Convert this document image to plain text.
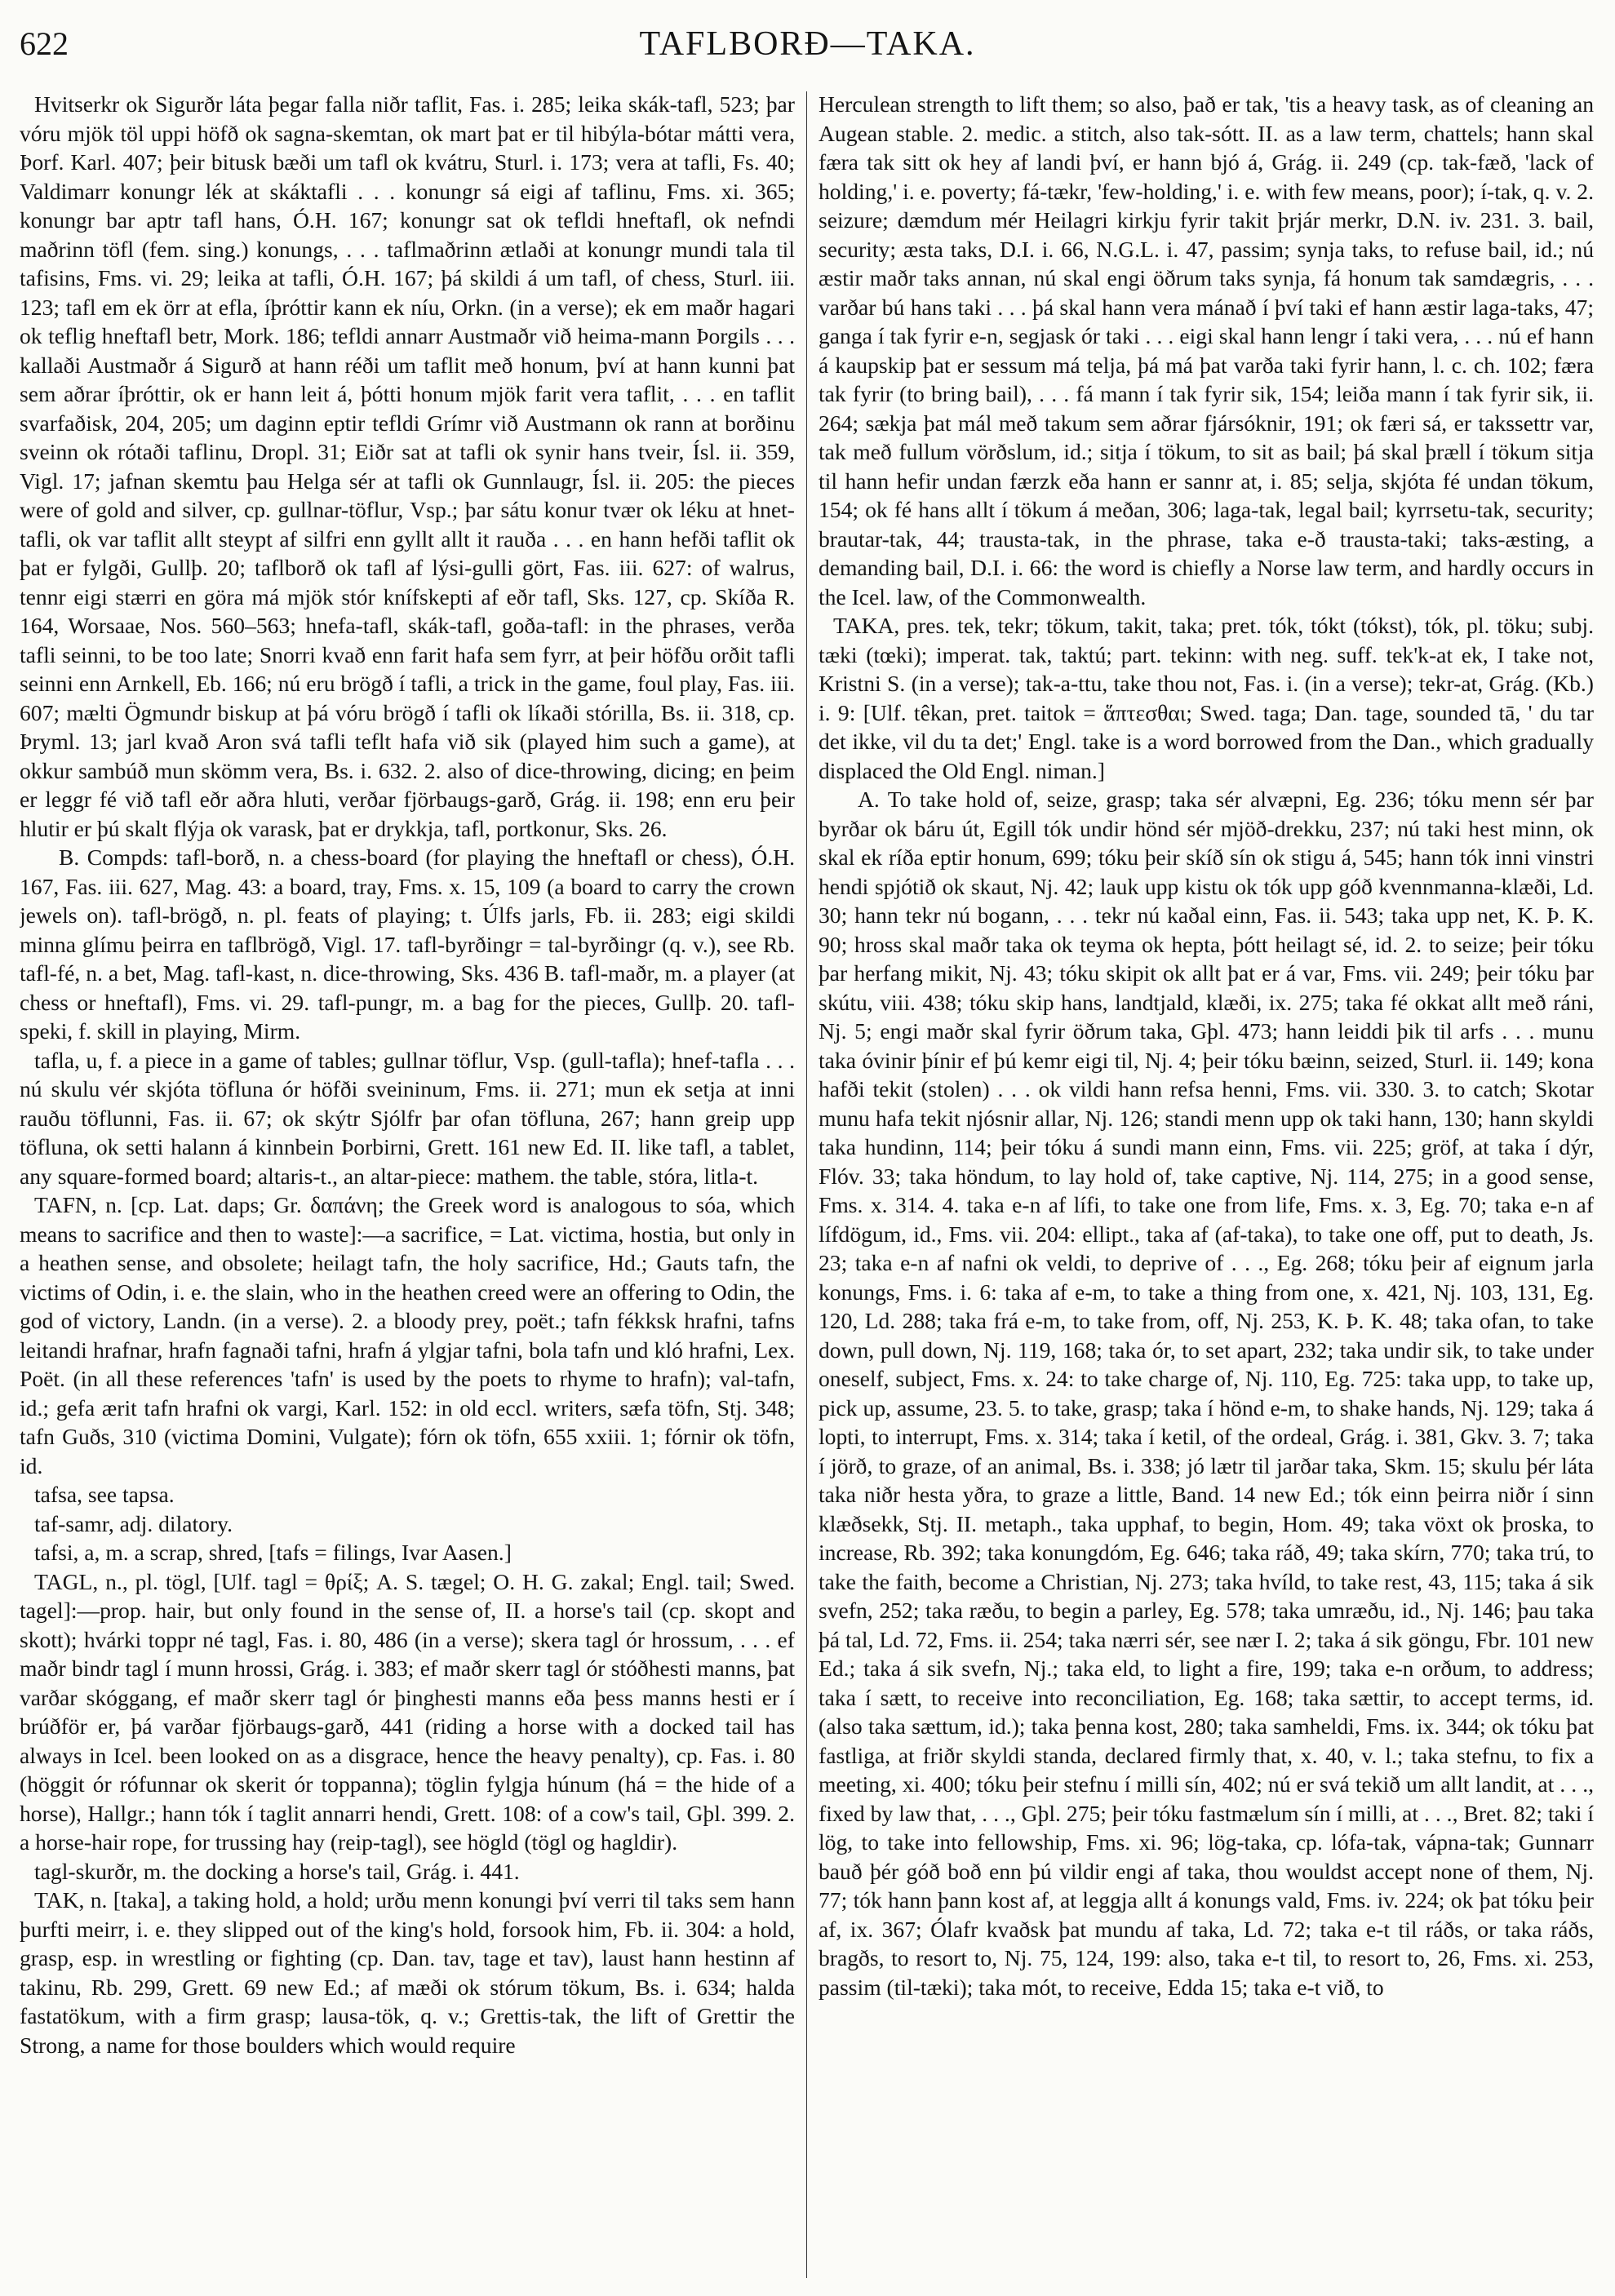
622	TAFLBORÐ—TAKA.

Hvitserkr ok Sigurðr láta þegar falla niðr taflit, Fas. i. 285; leika skák-tafl, 523; þar vóru mjök töl uppi höfð ok sagna-skemtan, ok mart þat er til hibýla-bótar mátti vera, Þorf. Karl. 407; þeir bitusk bæði um tafl ok kvátru, Sturl. i. 173; vera at tafli, Fs. 40; Valdimarr konungr lék at skáktafli . . . konungr sá eigi af taflinu, Fms. xi. 365; konungr bar aptr tafl hans, Ó.H. 167; konungr sat ok tefldi hneftafl, ok nefndi maðrinn töfl (fem. sing.) konungs, . . . taflmaðrinn ætlaði at konungr mundi tala til tafisins, Fms. vi. 29; leika at tafli, Ó.H. 167; þá skildi á um tafl, of chess, Sturl. iii. 123; tafl em ek örr at efla, íþróttir kann ek níu, Orkn. (in a verse); ek em maðr hagari ok teflig hneftafl betr, Mork. 186; tefldi annarr Austmaðr við heima-mann Þorgils . . . kallaði Austmaðr á Sigurð at hann réði um taflit með honum, því at hann kunni þat sem aðrar íþróttir, ok er hann leit á, þótti honum mjök farit vera taflit, . . . en taflit svarfaðisk, 204, 205; um daginn eptir tefldi Grímr við Austmann ok rann at borðinu sveinn ok rótaði taflinu, Dropl. 31; Eiðr sat at tafli ok synir hans tveir, Ísl. ii. 359, Vigl. 17; jafnan skemtu þau Helga sér at tafli ok Gunnlaugr, Ísl. ii. 205: the pieces were of gold and silver, cp. gullnar-töflur, Vsp.; þar sátu konur tvær ok léku at hnet-tafli, ok var taflit allt steypt af silfri enn gyllt allt it rauða . . . en hann hefði taflit ok þat er fylgði, Gullþ. 20; taflborð ok tafl af lýsi-gulli gört, Fas. iii. 627: of walrus, tennr eigi stærri en göra má mjök stór knífskepti af eðr tafl, Sks. 127, cp. Skíða R. 164, Worsaae, Nos. 560–563; hnefa-tafl, skák-tafl, goða-tafl: in the phrases, verða tafli seinni, to be too late; Snorri kvað enn farit hafa sem fyrr, at þeir höfðu orðit tafli seinni enn Arnkell, Eb. 166; nú eru brögð í tafli, a trick in the game, foul play, Fas. iii. 607; mælti Ögmundr biskup at þá vóru brögð í tafli ok líkaði stórilla, Bs. ii. 318, cp. Þryml. 13; jarl kvað Aron svá tafli teflt hafa við sik (played him such a game), at okkur sambúð mun skömm vera, Bs. i. 632. 2. also of dice-throwing, dicing; en þeim er leggr fé við tafl eðr aðra hluti, verðar fjörbaugs-garð, Grág. ii. 198; enn eru þeir hlutir er þú skalt flýja ok varask, þat er drykkja, tafl, portkonur, Sks. 26.

B. Compds: tafl-borð, n. a chess-board (for playing the hneftafl or chess), Ó.H. 167, Fas. iii. 627, Mag. 43: a board, tray, Fms. x. 15, 109 (a board to carry the crown jewels on). tafl-brögð, n. pl. feats of playing; t. Úlfs jarls, Fb. ii. 283; eigi skildi minna glímu þeirra en taflbrögð, Vigl. 17. tafl-byrðingr = tal-byrðingr (q. v.), see Rb. tafl-fé, n. a bet, Mag. tafl-kast, n. dice-throwing, Sks. 436 B. tafl-maðr, m. a player (at chess or hneftafl), Fms. vi. 29. tafl-pungr, m. a bag for the pieces, Gullþ. 20. tafl-speki, f. skill in playing, Mirm.

tafla, u, f. a piece in a game of tables; gullnar töflur, Vsp. (gull-tafla); hnef-tafla . . . nú skulu vér skjóta töfluna ór höfði sveininum, Fms. ii. 271; mun ek setja at inni rauðu töflunni, Fas. ii. 67; ok skýtr Sjólfr þar ofan töfluna, 267; hann greip upp töfluna, ok setti halann á kinnbein Þorbirni, Grett. 161 new Ed. II. like tafl, a tablet, any square-formed board; altaris-t., an altar-piece: mathem. the table, stóra, litla-t.

TAFN, n. [cp. Lat. daps; Gr. δαπάνη; the Greek word is analogous to sóa, which means to sacrifice and then to waste]:—a sacrifice, = Lat. victima, hostia, but only in a heathen sense, and obsolete; heilagt tafn, the holy sacrifice, Hd.; Gauts tafn, the victims of Odin, i. e. the slain, who in the heathen creed were an offering to Odin, the god of victory, Landn. (in a verse). 2. a bloody prey, poët.; tafn fékksk hrafni, tafns leitandi hrafnar, hrafn fagnaði tafni, hrafn á ylgjar tafni, bola tafn und kló hrafni, Lex. Poët. (in all these references 'tafn' is used by the poets to rhyme to hrafn); val-tafn, id.; gefa ærit tafn hrafni ok vargi, Karl. 152: in old eccl. writers, sæfa töfn, Stj. 348; tafn Guðs, 310 (victima Domini, Vulgate); fórn ok töfn, 655 xxiii. 1; fórnir ok töfn, id.

tafsa, see tapsa.

taf-samr, adj. dilatory.

tafsi, a, m. a scrap, shred, [tafs = filings, Ivar Aasen.]

TAGL, n., pl. tögl, [Ulf. tagl = θρίξ; A. S. tægel; O. H. G. zakal; Engl. tail; Swed. tagel]:—prop. hair, but only found in the sense of, II. a horse's tail (cp. skopt and skott); hvárki toppr né tagl, Fas. i. 80, 486 (in a verse); skera tagl ór hrossum, . . . ef maðr bindr tagl í munn hrossi, Grág. i. 383; ef maðr skerr tagl ór stóðhesti manns, þat varðar skóggang, ef maðr skerr tagl ór þinghesti manns eða þess manns hesti er í brúðför er, þá varðar fjörbaugs-garð, 441 (riding a horse with a docked tail has always in Icel. been looked on as a disgrace, hence the heavy penalty), cp. Fas. i. 80 (höggit ór rófunnar ok skerit ór toppanna); töglin fylgja húnum (há = the hide of a horse), Hallgr.; hann tók í taglit annarri hendi, Grett. 108: of a cow's tail, Gþl. 399. 2. a horse-hair rope, for trussing hay (reip-tagl), see högld (tögl og hagldir).

tagl-skurðr, m. the docking a horse's tail, Grág. i. 441.

TAK, n. [taka], a taking hold, a hold; urðu menn konungi því verri til taks sem hann þurfti meirr, i. e. they slipped out of the king's hold, forsook him, Fb. ii. 304: a hold, grasp, esp. in wrestling or fighting (cp. Dan. tav, tage et tav), laust hann hestinn af takinu, Rb. 299, Grett. 69 new Ed.; af mæði ok stórum tökum, Bs. i. 634; halda fastatökum, with a firm grasp; lausa-tök, q. v.; Grettis-tak, the lift of Grettir the Strong, a name for those boulders which would require

Herculean strength to lift them; so also, það er tak, 'tis a heavy task, as of cleaning an Augean stable. 2. medic. a stitch, also tak-sótt. II. as a law term, chattels; hann skal færa tak sitt ok hey af landi því, er hann bjó á, Grág. ii. 249 (cp. tak-fæð, 'lack of holding,' i. e. poverty; fá-tækr, 'few-holding,' i. e. with few means, poor); í-tak, q. v. 2. seizure; dæmdum mér Heilagri kirkju fyrir takit þrjár merkr, D.N. iv. 231. 3. bail, security; æsta taks, D.I. i. 66, N.G.L. i. 47, passim; synja taks, to refuse bail, id.; nú æstir maðr taks annan, nú skal engi öðrum taks synja, fá honum tak samdægris, . . . varðar bú hans taki . . . þá skal hann vera mánað í því taki ef hann æstir laga-taks, 47; ganga í tak fyrir e-n, segjask ór taki . . . eigi skal hann lengr í taki vera, . . . nú ef hann á kaupskip þat er sessum má telja, þá má þat varða taki fyrir hann, l. c. ch. 102; færa tak fyrir (to bring bail), . . . fá mann í tak fyrir sik, 154; leiða mann í tak fyrir sik, ii. 264; sækja þat mál með takum sem aðrar fjársóknir, 191; ok færi sá, er takssettr var, tak með fullum vörðslum, id.; sitja í tökum, to sit as bail; þá skal þræll í tökum sitja til hann hefir undan færzk eða hann er sannr at, i. 85; selja, skjóta fé undan tökum, 154; ok fé hans allt í tökum á meðan, 306; laga-tak, legal bail; kyrrsetu-tak, security; brautar-tak, 44; trausta-tak, in the phrase, taka e-ð trausta-taki; taks-æsting, a demanding bail, D.I. i. 66: the word is chiefly a Norse law term, and hardly occurs in the Icel. law, of the Commonwealth.

TAKA, pres. tek, tekr; tökum, takit, taka; pret. tók, tókt (tókst), tók, pl. töku; subj. tæki (tœki); imperat. tak, taktú; part. tekinn: with neg. suff. tek'k-at ek, I take not, Kristni S. (in a verse); tak-a-ttu, take thou not, Fas. i. (in a verse); tekr-at, Grág. (Kb.) i. 9: [Ulf. têkan, pret. taitok = ἅπτεσθαι; Swed. taga; Dan. tage, sounded tā, ' du tar det ikke, vil du ta det;' Engl. take is a word borrowed from the Dan., which gradually displaced the Old Engl. niman.]

A. To take hold of, seize, grasp; taka sér alvæpni, Eg. 236; tóku menn sér þar byrðar ok báru út, Egill tók undir hönd sér mjöð-drekku, 237; nú taki hest minn, ok skal ek ríða eptir honum, 699; tóku þeir skíð sín ok stigu á, 545; hann tók inni vinstri hendi spjótið ok skaut, Nj. 42; lauk upp kistu ok tók upp góð kvennmanna-klæði, Ld. 30; hann tekr nú bogann, . . . tekr nú kaðal einn, Fas. ii. 543; taka upp net, K. Þ. K. 90; hross skal maðr taka ok teyma ok hepta, þótt heilagt sé, id. 2. to seize; þeir tóku þar herfang mikit, Nj. 43; tóku skipit ok allt þat er á var, Fms. vii. 249; þeir tóku þar skútu, viii. 438; tóku skip hans, landtjald, klæði, ix. 275; taka fé okkat allt með ráni, Nj. 5; engi maðr skal fyrir öðrum taka, Gþl. 473; hann leiddi þik til arfs . . . munu taka óvinir þínir ef þú kemr eigi til, Nj. 4; þeir tóku bæinn, seized, Sturl. ii. 149; kona hafði tekit (stolen) . . . ok vildi hann refsa henni, Fms. vii. 330. 3. to catch; Skotar munu hafa tekit njósnir allar, Nj. 126; standi menn upp ok taki hann, 130; hann skyldi taka hundinn, 114; þeir tóku á sundi mann einn, Fms. vii. 225; gröf, at taka í dýr, Flóv. 33; taka höndum, to lay hold of, take captive, Nj. 114, 275; in a good sense, Fms. x. 314. 4. taka e-n af lífi, to take one from life, Fms. x. 3, Eg. 70; taka e-n af lífdögum, id., Fms. vii. 204: ellipt., taka af (af-taka), to take one off, put to death, Js. 23; taka e-n af nafni ok veldi, to deprive of . . ., Eg. 268; tóku þeir af eignum jarla konungs, Fms. i. 6: taka af e-m, to take a thing from one, x. 421, Nj. 103, 131, Eg. 120, Ld. 288; taka frá e-m, to take from, off, Nj. 253, K. Þ. K. 48; taka ofan, to take down, pull down, Nj. 119, 168; taka ór, to set apart, 232; taka undir sik, to take under oneself, subject, Fms. x. 24: to take charge of, Nj. 110, Eg. 725: taka upp, to take up, pick up, assume, 23. 5. to take, grasp; taka í hönd e-m, to shake hands, Nj. 129; taka á lopti, to interrupt, Fms. x. 314; taka í ketil, of the ordeal, Grág. i. 381, Gkv. 3. 7; taka í jörð, to graze, of an animal, Bs. i. 338; jó lætr til jarðar taka, Skm. 15; skulu þér láta taka niðr hesta yðra, to graze a little, Band. 14 new Ed.; tók einn þeirra niðr í sinn klæðsekk, Stj. II. metaph., taka upphaf, to begin, Hom. 49; taka vöxt ok þroska, to increase, Rb. 392; taka konungdóm, Eg. 646; taka ráð, 49; taka skírn, 770; taka trú, to take the faith, become a Christian, Nj. 273; taka hvíld, to take rest, 43, 115; taka á sik svefn, 252; taka ræðu, to begin a parley, Eg. 578; taka umræðu, id., Nj. 146; þau taka þá tal, Ld. 72, Fms. ii. 254; taka nærri sér, see nær I. 2; taka á sik göngu, Fbr. 101 new Ed.; taka á sik svefn, Nj.; taka eld, to light a fire, 199; taka e-n orðum, to address; taka í sætt, to receive into reconciliation, Eg. 168; taka sættir, to accept terms, id. (also taka sættum, id.); taka þenna kost, 280; taka samheldi, Fms. ix. 344; ok tóku þat fastliga, at friðr skyldi standa, declared firmly that, x. 40, v. l.; taka stefnu, to fix a meeting, xi. 400; tóku þeir stefnu í milli sín, 402; nú er svá tekið um allt landit, at . . ., fixed by law that, . . ., Gþl. 275; þeir tóku fastmælum sín í milli, at . . ., Bret. 82; taki í lög, to take into fellowship, Fms. xi. 96; lög-taka, cp. lófa-tak, vápna-tak; Gunnarr bauð þér góð boð enn þú vildir engi af taka, thou wouldst accept none of them, Nj. 77; tók hann þann kost af, at leggja allt á konungs vald, Fms. iv. 224; ok þat tóku þeir af, ix. 367; Ólafr kvaðsk þat mundu af taka, Ld. 72; taka e-t til ráðs, or taka ráðs, bragðs, to resort to, Nj. 75, 124, 199: also, taka e-t til, to resort to, 26, Fms. xi. 253, passim (til-tæki); taka mót, to receive, Edda 15; taka e-t við, to
